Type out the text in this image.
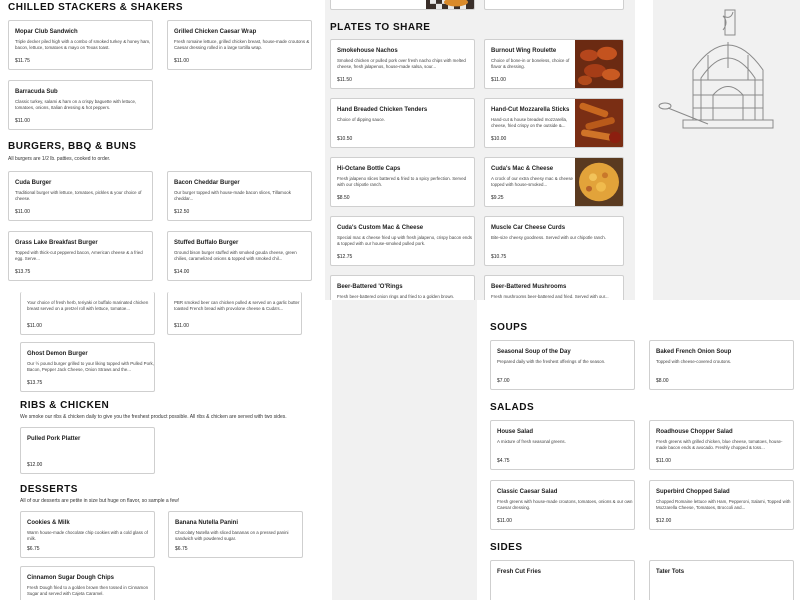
CHILLED STACKERS & SHAKERS
Mopar Club Sandwich
Triple decker piled high with a combo of smoked turkey & honey ham, bacon, lettuce, tomatoes & mayo on Texas toast.
$11.75
Grilled Chicken Caesar Wrap
Fresh romaine lettuce, grilled chicken breast, house-made croutons & Caesar dressing rolled in a large tortilla wrap.
$11.00
Barracuda Sub
Classic turkey, salami & ham on a crispy baguette with lettuce, tomatoes, onions, Italian dressing & hot peppers.
$11.00
BURGERS, BBQ & BUNS
All burgers are 1/2 lb. patties, cooked to order.
Cuda Burger
Traditional burger with lettuce, tomatoes, pickles & your choice of cheese.
$11.00
Bacon Cheddar Burger
Our burger topped with house-made bacon slices, Tillamook cheddar...
$12.50
Grass Lake Breakfast Burger
Topped with thick-cut peppered bacon, American cheese & a fried egg. Serve...
$13.75
Stuffed Buffalo Burger
Ground bison burger stuffed with smoked gouda cheese, green chilies, caramelized onions & topped with smoked chil...
$14.00
Your choice of fresh herb, teriyaki or buffalo marinated chicken breast served on a pretzel roll with lettuce, tomatoe...
$11.00
PBR smoked beer can chicken pulled & served on a garlic butter toasted French bread with provolone cheese & Cuda's...
$11.00
Ghost Demon Burger
Our ½ pound burger grilled to your liking topped with Pulled Pork, Bacon, Pepper Jack Cheese, Onion Straws and the...
$13.75
RIBS & CHICKEN
We smoke our ribs & chicken daily to give you the freshest product possible. All ribs & chicken are served with two sides.
Pulled Pork Platter
$12.00
DESSERTS
All of our desserts are petite in size but huge on flavor, so sample a few!
Cookies & Milk
Warm house-made chocolate chip cookies with a cold glass of milk.
$6.75
Banana Nutella Panini
Chocolaty Nutella with sliced bananas on a pressed panini sandwich with powdered sugar.
$6.75
Cinnamon Sugar Dough Chips
Fresh Dough fried to a golden brown then tossed in Cinnamon Sugar and served with Cajeta Caramel.
PLATES TO SHARE
Smokehouse Nachos
Smoked chicken or pulled pork over fresh nacho chips with melted cheese, fresh jalapenos, house-made salsa, sour...
$11.50
Burnout Wing Roulette
Choice of bone-in or boneless, choice of flavor & dressing.
$11.00
Hand Breaded Chicken Tenders
Choice of dipping sauce.
$10.50
Hand-Cut Mozzarella Sticks
Hand-cut & house breaded mozzarella, cheese, fried crispy on the outside &...
$10.00
Hi-Octane Bottle Caps
Fresh jalapeno slices battered & fried to a spicy perfection. Served with our chipotle ranch.
$8.50
Cuda's Mac & Cheese
A crock of our extra cheesy mac & cheese topped with house-smoked...
$9.25
Cuda's Custom Mac & Cheese
Special mac & cheese fried up with fresh jalapeno, crispy bacon ends & topped with our house-smoked pulled pork.
$12.75
Muscle Car Cheese Curds
Bite-size cheesy goodness. Served with our chipotle ranch.
$10.75
Beer-Battered 'O'Rings
Fresh beer-battered onion rings and fried to a golden brown.
Beer-Battered Mushrooms
Fresh mushrooms beer-battered and fried. Served with our...
SOUPS
Seasonal Soup of the Day
Prepared daily with the freshest offerings of the season.
$7.00
Baked French Onion Soup
Topped with cheese-covered croutons.
$8.00
SALADS
House Salad
A mixture of fresh seasonal greens.
$4.75
Roadhouse Chopper Salad
Fresh greens with grilled chicken, blue cheese, tomatoes, house-made bacon ends & avocado. Freshly chopped & toss...
$11.00
Classic Caesar Salad
Fresh greens with house-made croutons, tomatoes, onions & our own Caesar dressing.
$11.00
Superbird Chopped Salad
Chopped Romaine lettuce with Ham, Pepperoni, Salami, Topped with Mozzarella Cheese, Tomatoes, Broccoli and...
$12.00
SIDES
Fresh Cut Fries	Tater Tots
